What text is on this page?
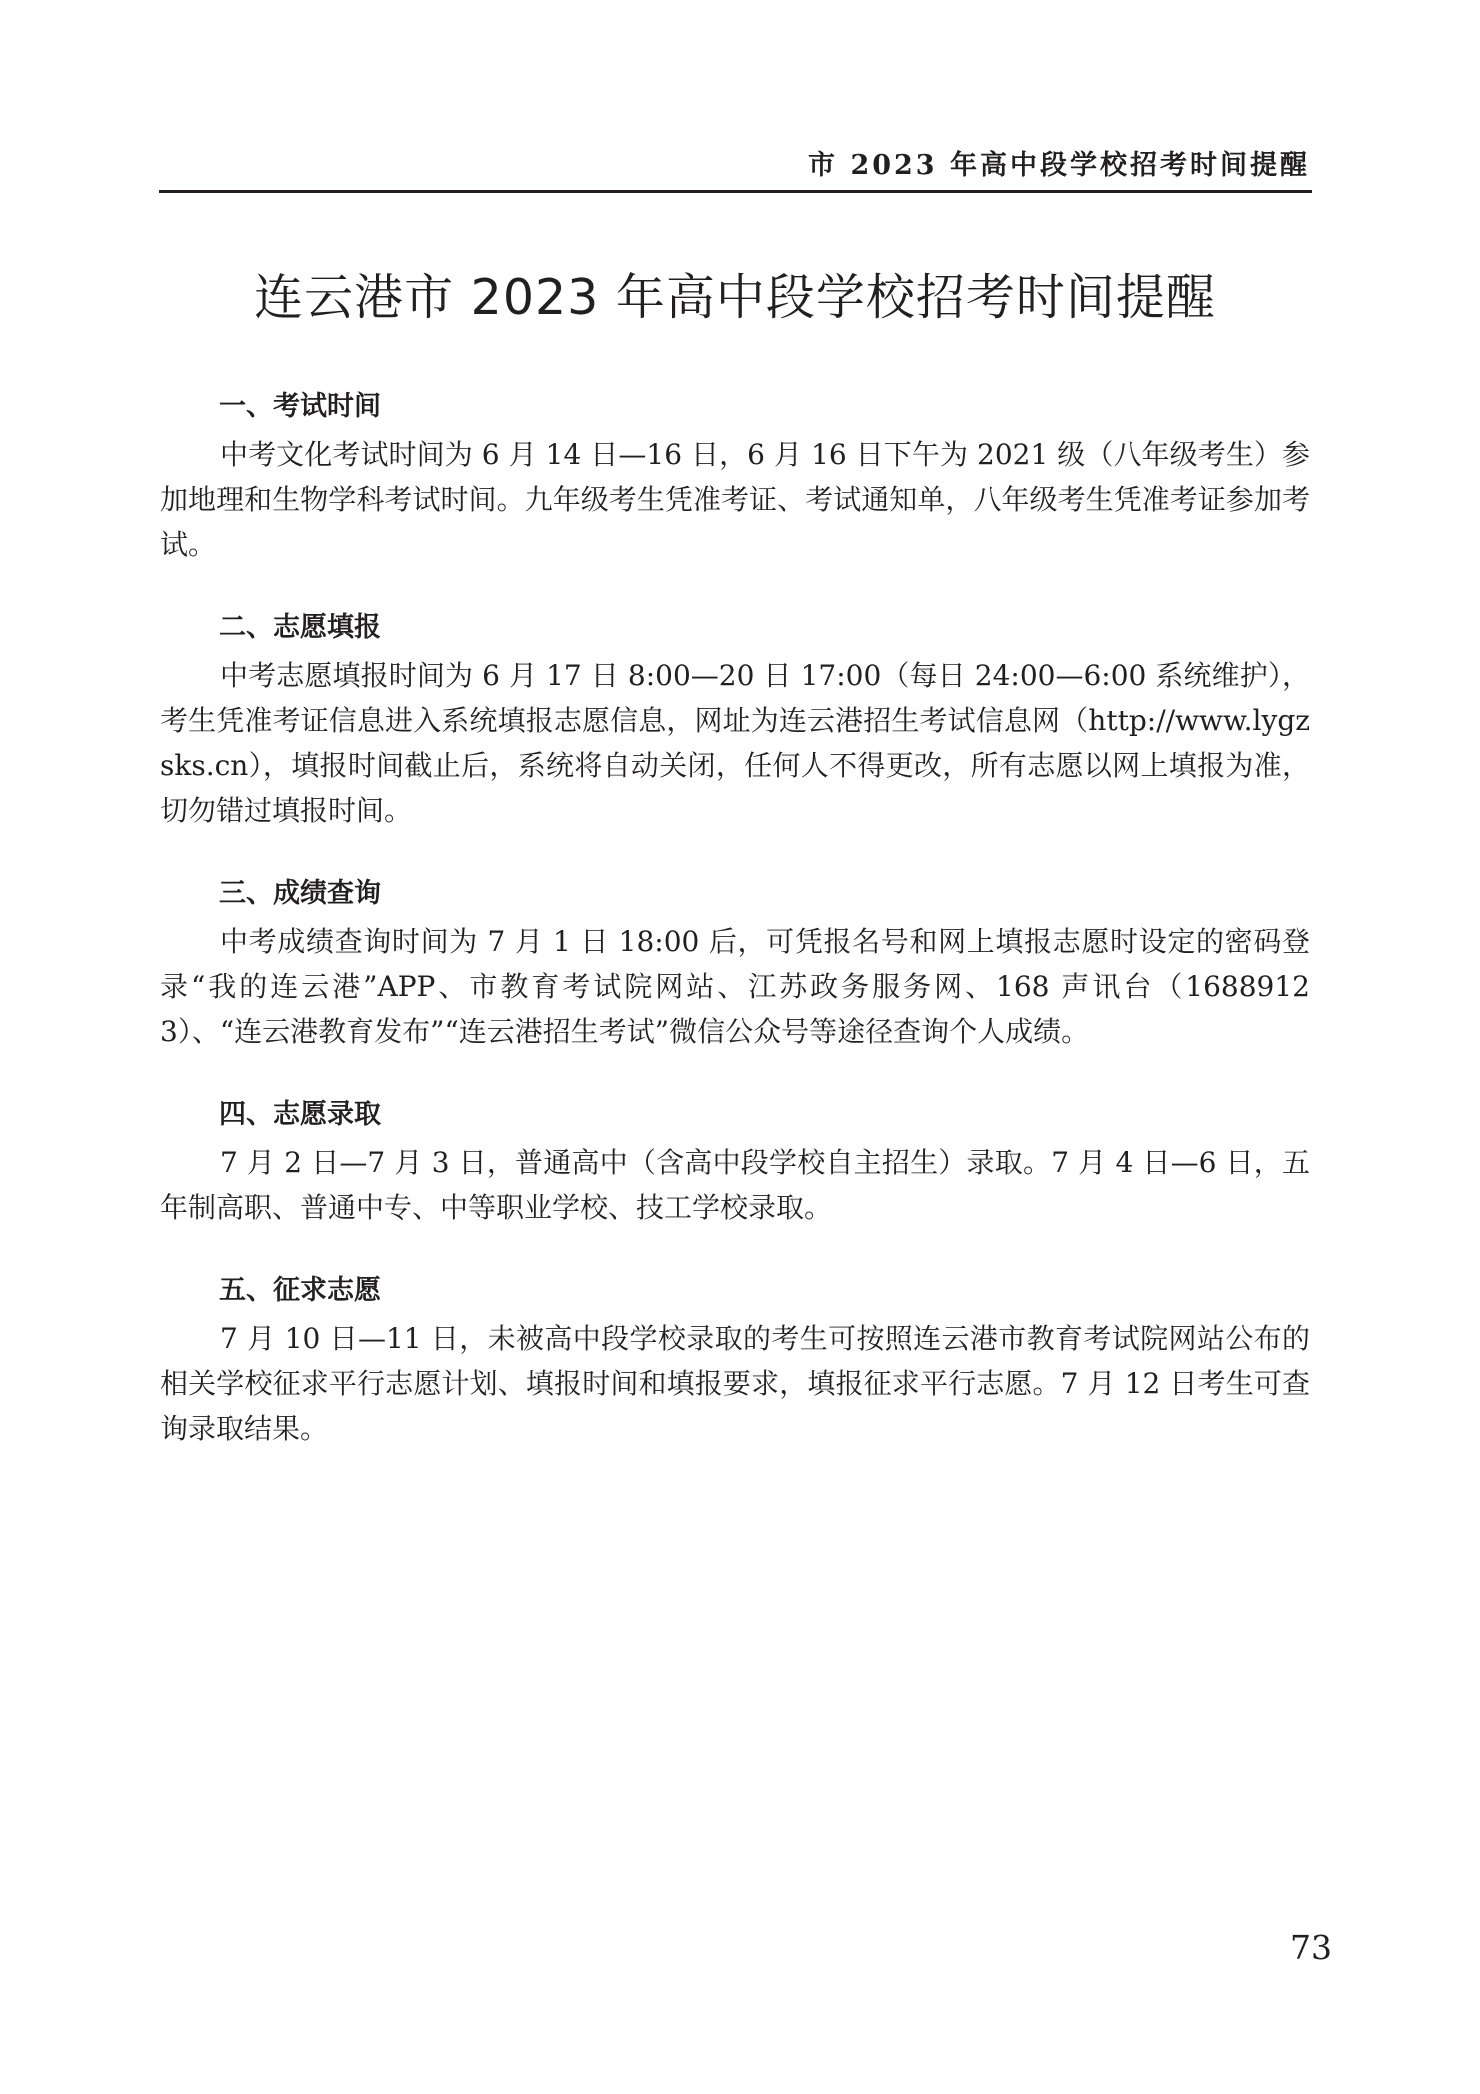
市 2023 年高中段学校招考时间提醒
连云港市 2023 年高中段学校招考时间提醒
一、考试时间

中考文化考试时间为 6 月 14 日—16 日，6 月 16 日下午为 2021 级（八年级考生）参加地理和生物学科考试时间。九年级考生凭准考证、考试通知单，八年级考生凭准考证参加考试。

二、志愿填报

中考志愿填报时间为 6 月 17 日 8:00—20 日 17:00（每日 24:00—6:00 系统维护），考生凭准考证信息进入系统填报志愿信息，网址为连云港招生考试信息网（http://www.lygzsks.cn），填报时间截止后，系统将自动关闭，任何人不得更改，所有志愿以网上填报为准，切勿错过填报时间。

三、成绩查询

中考成绩查询时间为 7 月 1 日 18:00 后，可凭报名号和网上填报志愿时设定的密码登录“我的连云港”APP、市教育考试院网站、江苏政务服务网、168 声讯台（16889123）、“连云港教育发布”“连云港招生考试”微信公众号等途径查询个人成绩。

四、志愿录取

7 月 2 日—7 月 3 日，普通高中（含高中段学校自主招生）录取。7 月 4 日—6 日，五年制高职、普通中专、中等职业学校、技工学校录取。

五、征求志愿

7 月 10 日—11 日，未被高中段学校录取的考生可按照连云港市教育考试院网站公布的相关学校征求平行志愿计划、填报时间和填报要求，填报征求平行志愿。7 月 12 日考生可查询录取结果。

73
